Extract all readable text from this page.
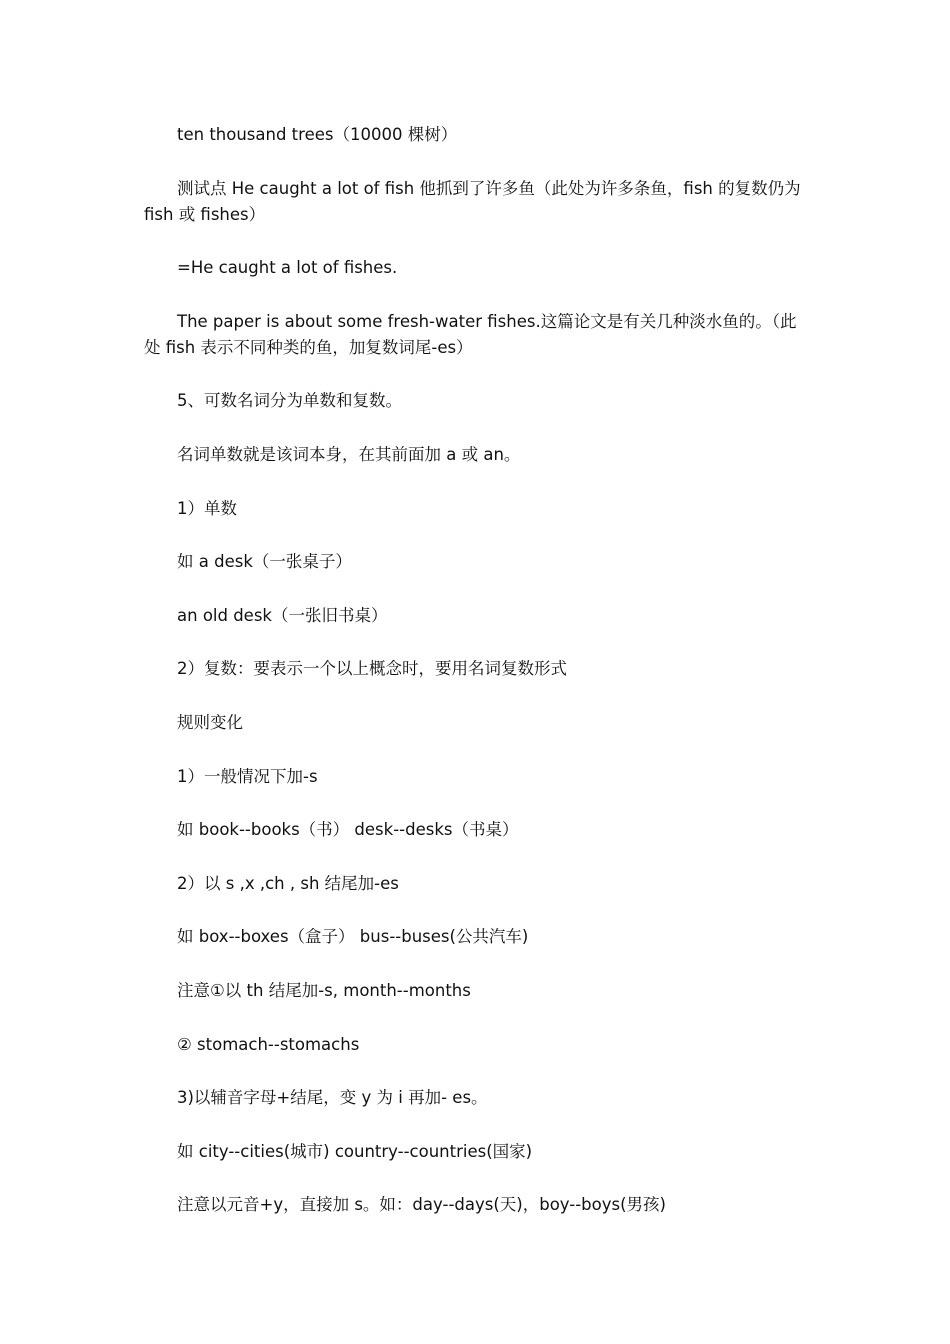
ten thousand trees（10000 棵树）

测试点 He caught a lot of fish 他抓到了许多鱼（此处为许多条鱼，fish 的复数仍为 fish 或 fishes）

=He caught a lot of fishes.

The paper is about some fresh-water fishes.这篇论文是有关几种淡水鱼的。（此处 fish 表示不同种类的鱼，加复数词尾-es）

5、可数名词分为单数和复数。

名词单数就是该词本身，在其前面加 a 或 an。

1）单数

如 a desk（一张桌子）

an old desk（一张旧书桌）

2）复数：要表示一个以上概念时，要用名词复数形式

规则变化

1）一般情况下加-s

如 book--books（书） desk--desks（书桌）

2）以 s ,x ,ch , sh 结尾加-es

如 box--boxes（盒子） bus--buses(公共汽车)

注意①以 th 结尾加-s, month--months

② stomach--stomachs

3)以辅音字母+结尾，变 y 为 i 再加- es。

如 city--cities(城市) country--countries(国家)

注意以元音+y，直接加 s。如：day--days(天)，boy--boys(男孩)
